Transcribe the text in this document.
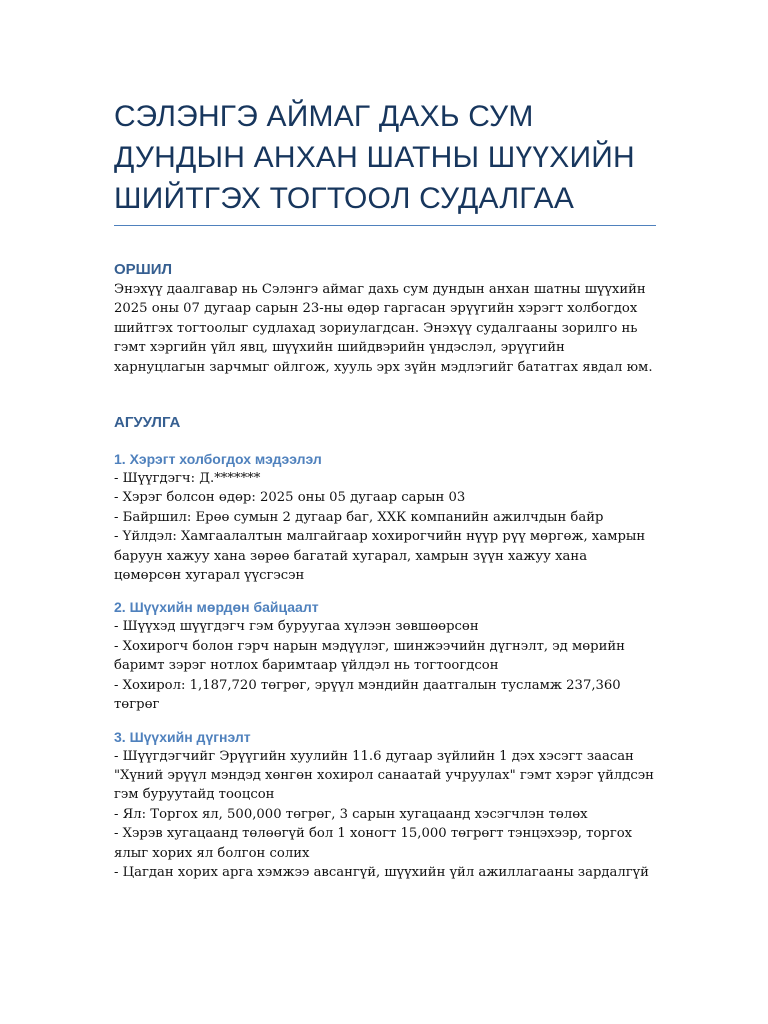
СЭЛЭНГЭ АЙМАГ ДАХЬ СУМ ДУНДЫН АНХАН ШАТНЫ ШҮҮХИЙН ШИЙТГЭХ ТОГТООЛ СУДАЛГАА
ОРШИЛ

Энэхүү даалгавар нь Сэлэнгэ аймаг дахь сум дундын анхан шатны шүүхийн 2025 оны 07 дугаар сарын 23-ны өдөр гаргасан эрүүгийн хэрэгт холбогдох шийтгэх тогтоолыг судлахад зориулагдсан. Энэхүү судалгааны зорилго нь гэмт хэргийн үйл явц, шүүхийн шийдвэрийн үндэслэл, эрүүгийн харнуцлагын зарчмыг ойлгож, хууль эрх зүйн мэдлэгийг бататгах явдал юм.

АГУУЛГА
1. Хэрэгт холбогдох мэдээлэл

- Шүүгдэгч: Д.*******

- Хэрэг болсон өдөр: 2025 оны 05 дугаар сарын 03

- Байршил: Ерөө сумын 2 дугаар баг, ХХК компанийн ажилчдын байр

- Үйлдэл: Хамгаалалтын малгайгаар хохирогчийн нүүр рүү мөргөж, хамрын баруун хажуу хана зөрөө багатай хугарал, хамрын зүүн хажуу хана цөмөрсөн хугарал үүсгэсэн

2. Шүүхийн мөрдөн байцаалт

- Шүүхэд шүүгдэгч гэм буруугаа хүлээн зөвшөөрсөн

- Хохирогч болон гэрч нарын мэдүүлэг, шинжээчийн дүгнэлт, эд мөрийн баримт зэрэг нотлох баримтаар үйлдэл нь тогтоогдсон

- Хохирол: 1,187,720 төгрөг, эрүүл мэндийн даатгалын тусламж 237,360 төгрөг

3. Шүүхийн дүгнэлт

- Шүүгдэгчийг Эрүүгийн хуулийн 11.6 дугаар зүйлийн 1 дэх хэсэгт заасан "Хүний эрүүл мэндэд хөнгөн хохирол санаатай учруулах" гэмт хэрэг үйлдсэн гэм буруутайд тооцсон

- Ял: Торгох ял, 500,000 төгрөг, 3 сарын хугацаанд хэсэгчлэн төлөх

- Хэрэв хугацаанд төлөөгүй бол 1 хоногт 15,000 төгрөгт тэнцэхээр, торгох ялыг хорих ял болгон солих

- Цагдан хорих арга хэмжээ авсангүй, шүүхийн үйл ажиллагааны зардалгүй
